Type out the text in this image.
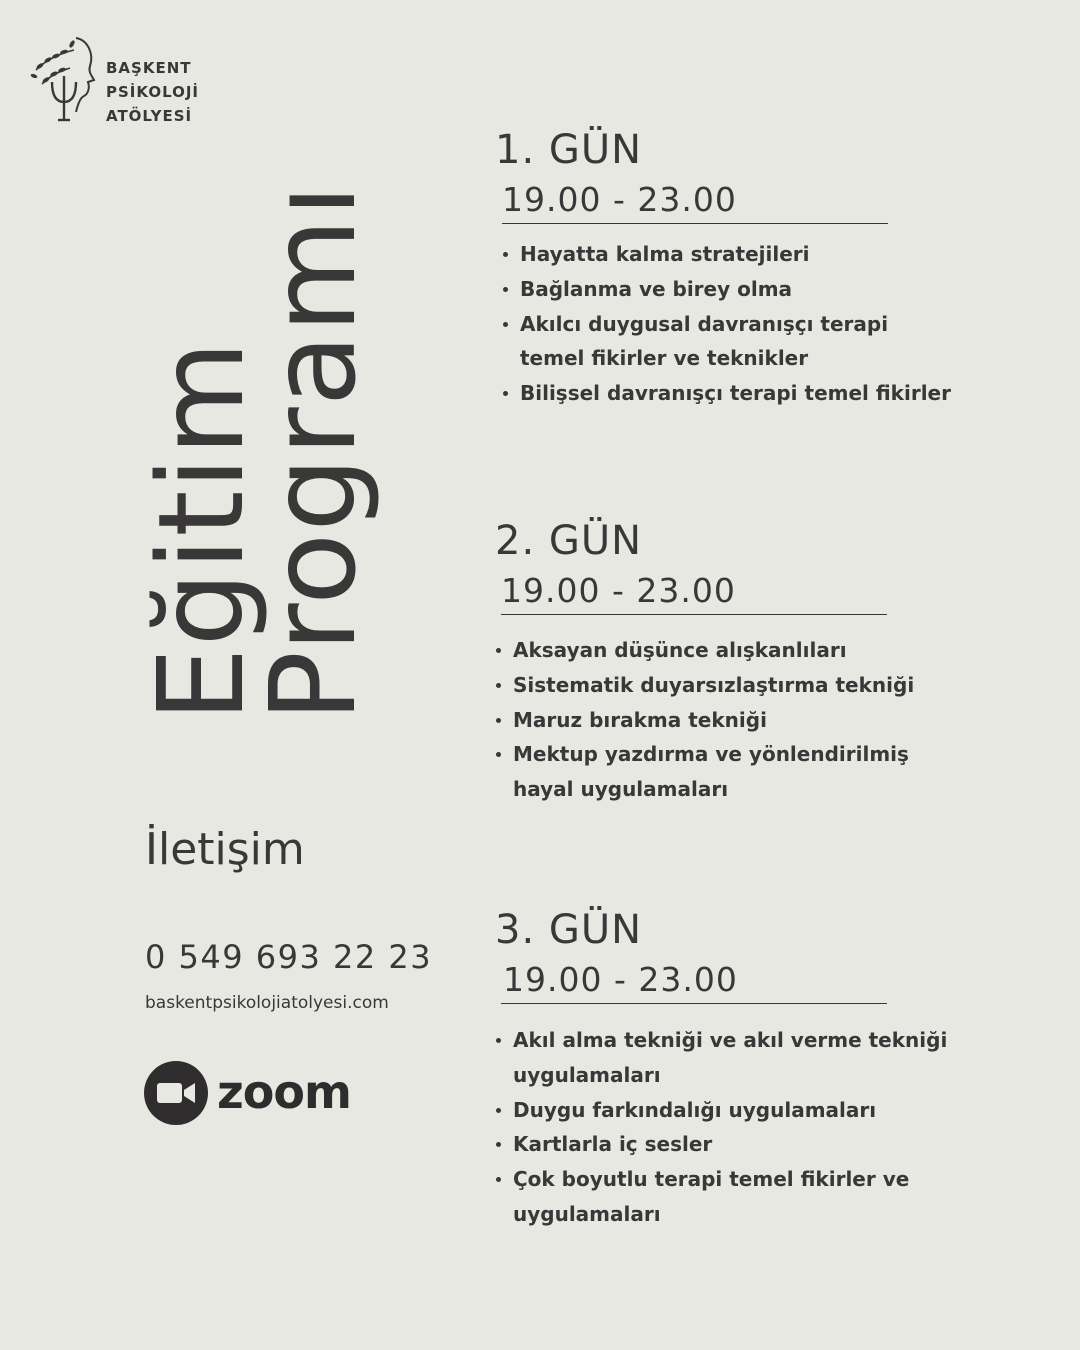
BAŞKENT
PSİKOLOJİ
ATÖLYESİ
Eğitim
Programı
İletişim
0 549 693 22 23
baskentpsikolojiatolyesi.com
zoom
1. GÜN
19.00 - 23.00
Hayatta kalma stratejileri
Bağlanma ve birey olma
Akılcı duygusal davranışçı terapi
temel fikirler ve teknikler
Bilişsel davranışçı terapi temel fikirler
2. GÜN
19.00 - 23.00
Aksayan düşünce alışkanlıları
Sistematik duyarsızlaştırma tekniği
Maruz bırakma tekniği
Mektup yazdırma ve yönlendirilmiş
hayal uygulamaları
3. GÜN
19.00 - 23.00
Akıl alma tekniği ve akıl verme tekniği
uygulamaları
Duygu farkındalığı uygulamaları
Kartlarla iç sesler
Çok boyutlu terapi temel fikirler ve
uygulamaları
